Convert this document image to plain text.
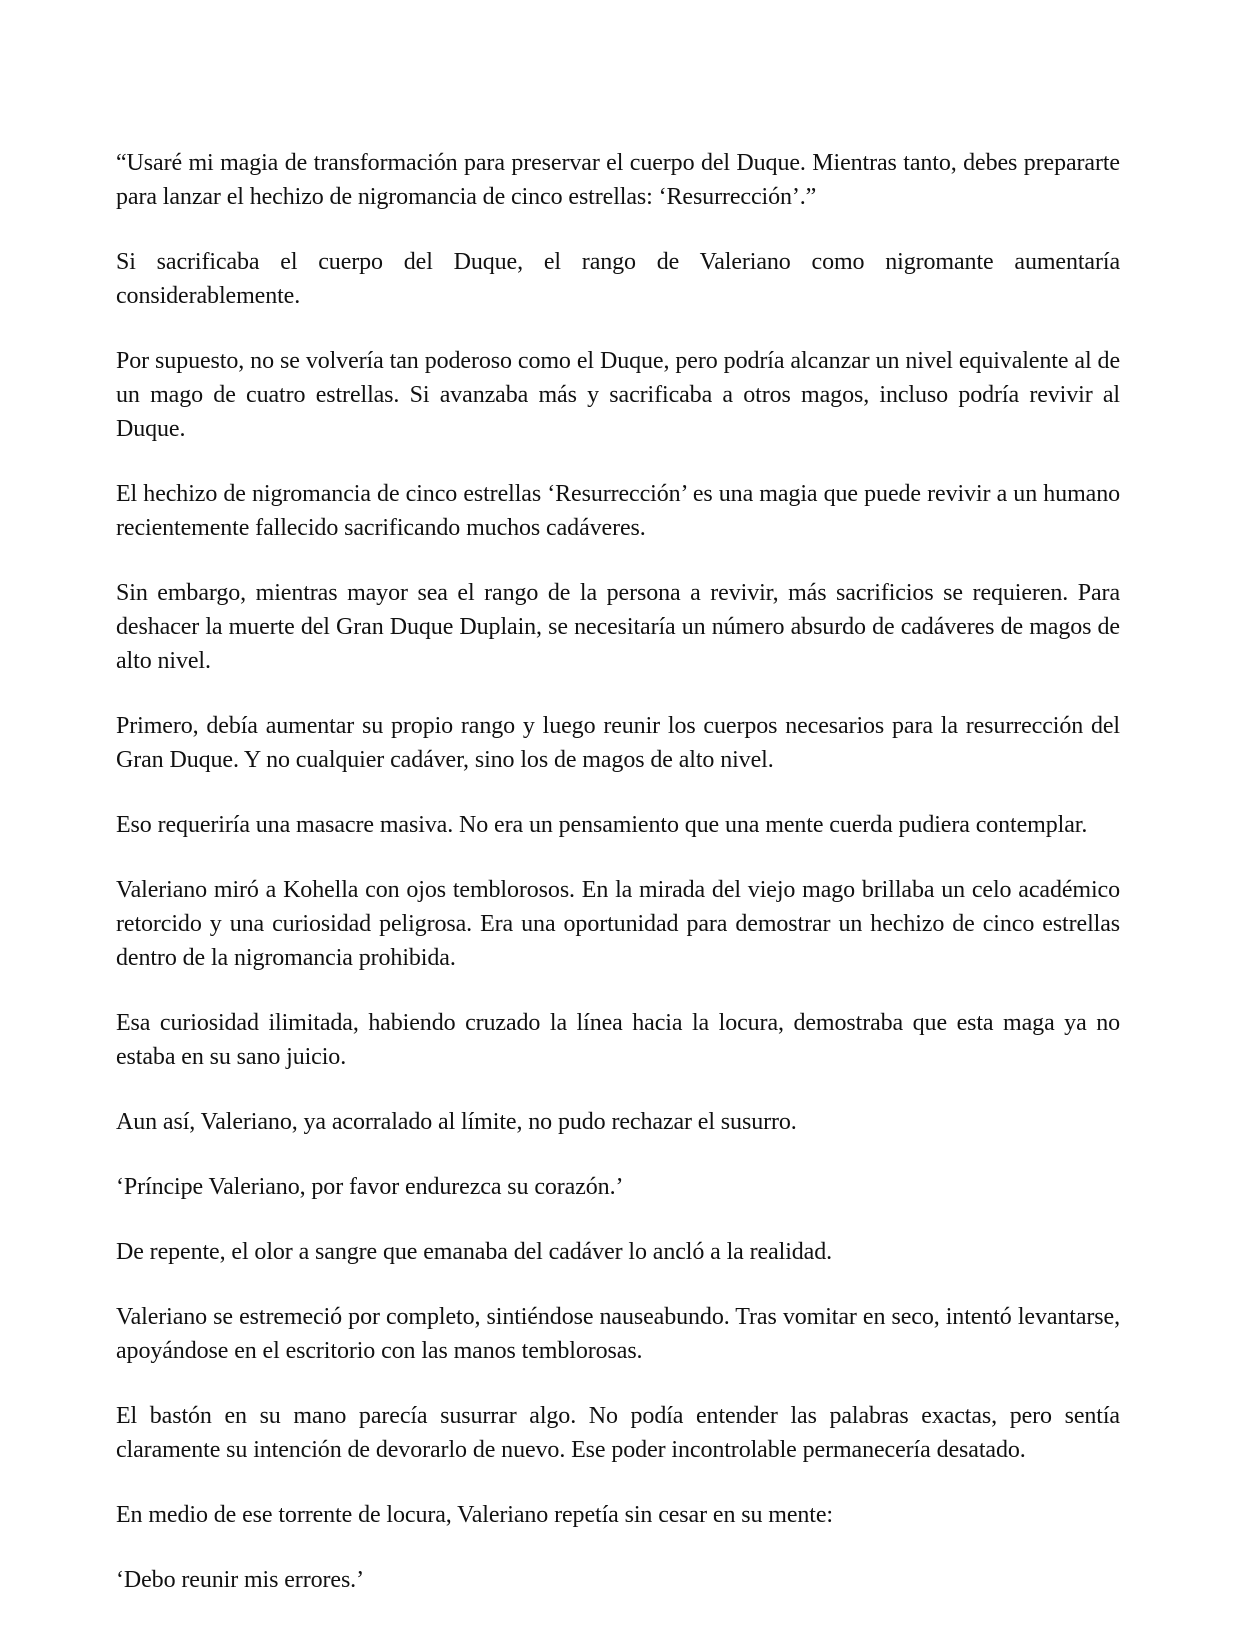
“Usaré mi magia de transformación para preservar el cuerpo del Duque. Mientras tanto, debes prepararte para lanzar el hechizo de nigromancia de cinco estrellas: ‘Resurrección’.”

Si sacrificaba el cuerpo del Duque, el rango de Valeriano como nigromante aumentaría considerablemente.

Por supuesto, no se volvería tan poderoso como el Duque, pero podría alcanzar un nivel equivalente al de un mago de cuatro estrellas. Si avanzaba más y sacrificaba a otros magos, incluso podría revivir al Duque.

El hechizo de nigromancia de cinco estrellas ‘Resurrección’ es una magia que puede revivir a un humano recientemente fallecido sacrificando muchos cadáveres.

Sin embargo, mientras mayor sea el rango de la persona a revivir, más sacrificios se requieren. Para deshacer la muerte del Gran Duque Duplain, se necesitaría un número absurdo de cadáveres de magos de alto nivel.

Primero, debía aumentar su propio rango y luego reunir los cuerpos necesarios para la resurrección del Gran Duque. Y no cualquier cadáver, sino los de magos de alto nivel.

Eso requeriría una masacre masiva. No era un pensamiento que una mente cuerda pudiera contemplar.

Valeriano miró a Kohella con ojos temblorosos. En la mirada del viejo mago brillaba un celo académico retorcido y una curiosidad peligrosa. Era una oportunidad para demostrar un hechizo de cinco estrellas dentro de la nigromancia prohibida.

Esa curiosidad ilimitada, habiendo cruzado la línea hacia la locura, demostraba que esta maga ya no estaba en su sano juicio.

Aun así, Valeriano, ya acorralado al límite, no pudo rechazar el susurro.

‘Príncipe Valeriano, por favor endurezca su corazón.’

De repente, el olor a sangre que emanaba del cadáver lo ancló a la realidad.

Valeriano se estremeció por completo, sintiéndose nauseabundo. Tras vomitar en seco, intentó levantarse, apoyándose en el escritorio con las manos temblorosas.

El bastón en su mano parecía susurrar algo. No podía entender las palabras exactas, pero sentía claramente su intención de devorarlo de nuevo. Ese poder incontrolable permanecería desatado.

En medio de ese torrente de locura, Valeriano repetía sin cesar en su mente:

‘Debo reunir mis errores.’
